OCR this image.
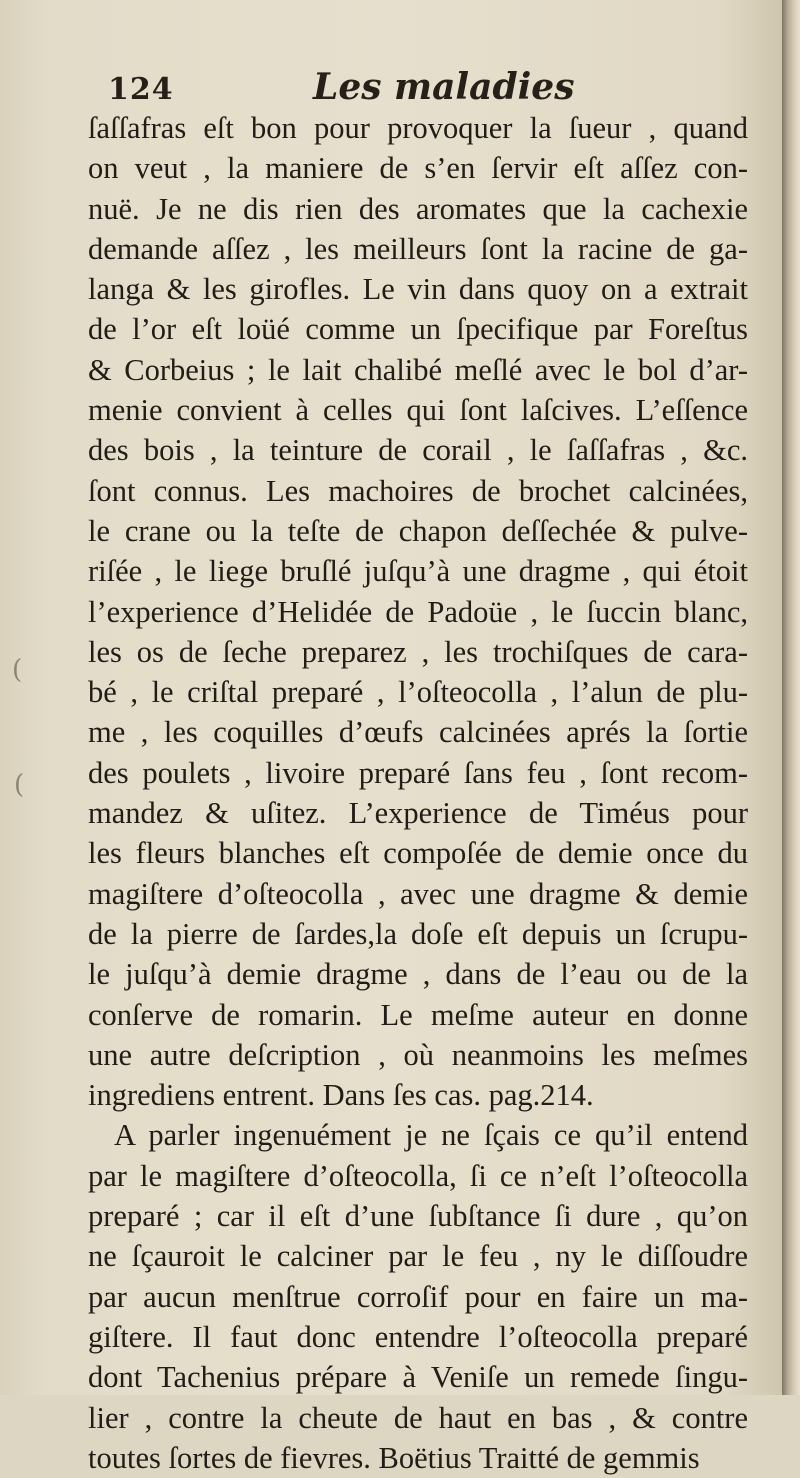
124	Les maladies
(
(
ſaſſafras eſt bon pour provoquer la ſueur , quand
on veut , la maniere de s’en ſervir eſt aſſez con-
nuë. Je ne dis rien des aromates que la cachexie
demande aſſez , les meilleurs ſont la racine de ga-
langa & les girofles. Le vin dans quoy on a extrait
de l’or eſt loüé comme un ſpecifique par Foreſtus
& Corbeius ; le lait chalibé meſlé avec le bol d’ar-
menie convient à celles qui ſont laſcives. L’eſſence
des bois , la teinture de corail , le ſaſſafras , &c.
ſont connus. Les machoires de brochet calcinées,
le crane ou la teſte de chapon deſſechée & pulve-
riſée , le liege bruſlé juſqu’à une dragme , qui étoit
l’experience d’Helidée de Padoüe , le ſuccin blanc,
les os de ſeche preparez , les trochiſques de cara-
bé , le criſtal preparé , l’oſteocolla , l’alun de plu-
me , les coquilles d’œufs calcinées aprés la ſortie
des poulets , livoire preparé ſans feu , ſont recom-
mandez & uſitez. L’experience de Timéus pour
les fleurs blanches eſt compoſée de demie once du
magiſtere d’oſteocolla , avec une dragme & demie
de la pierre de ſardes,la doſe eſt depuis un ſcrupu-
le juſqu’à demie dragme , dans de l’eau ou de la
conſerve de romarin. Le meſme auteur en donne
une autre deſcription , où neanmoins les meſmes
ingrediens entrent. Dans ſes cas. pag.214.
A parler ingenuément je ne ſçais ce qu’il entend
par le magiſtere d’oſteocolla, ſi ce n’eſt l’oſteocolla
preparé ; car il eſt d’une ſubſtance ſi dure , qu’on
ne ſçauroit le calciner par le feu , ny le diſſoudre
par aucun menſtrue corroſif pour en faire un ma-
giſtere. Il faut donc entendre l’oſteocolla preparé
dont Tachenius prépare à Veniſe un remede ſingu-
lier , contre la cheute de haut en bas , & contre
toutes ſortes de fievres. Boëtius Traitté de gemmis
